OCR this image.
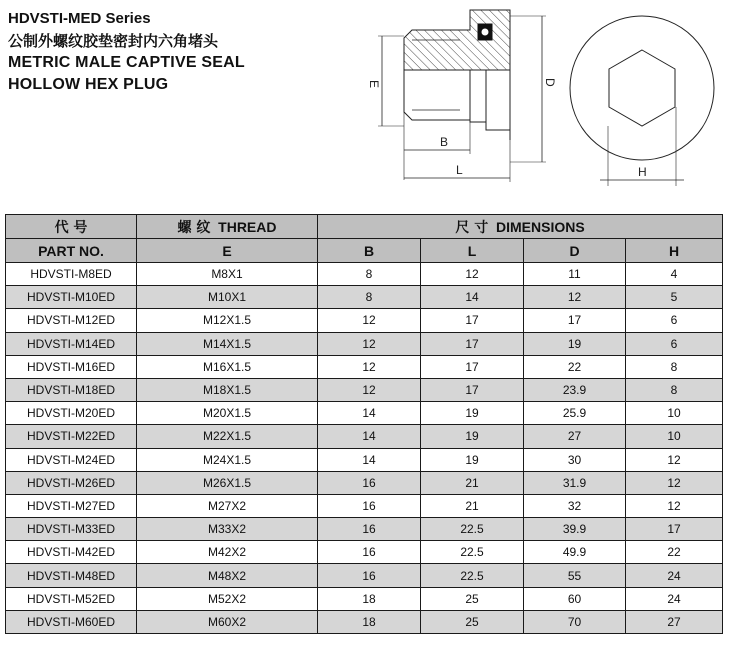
HDVSTI-MED Series
公制外螺纹胶垫密封内六角堵头
METRIC MALE CAPTIVE SEAL
HOLLOW HEX PLUG	E	D
B
L	H
代 号	螺 纹 THREAD	尺 寸 DIMENSIONS			
PART NO.	E	B	L	D	H
HDVSTI-M8ED	M8X1	8	12	11	4
HDVSTI-M10ED	M10X1	8	14	12	5
HDVSTI-M12ED	M12X1.5	12	17	17	6
HDVSTI-M14ED	M14X1.5	12	17	19	6
HDVSTI-M16ED	M16X1.5	12	17	22	8
HDVSTI-M18ED	M18X1.5	12	17	23.9	8
HDVSTI-M20ED	M20X1.5	14	19	25.9	10
HDVSTI-M22ED	M22X1.5	14	19	27	10
HDVSTI-M24ED	M24X1.5	14	19	30	12
HDVSTI-M26ED	M26X1.5	16	21	31.9	12
HDVSTI-M27ED	M27X2	16	21	32	12
HDVSTI-M33ED	M33X2	16	22.5	39.9	17
HDVSTI-M42ED	M42X2	16	22.5	49.9	22
HDVSTI-M48ED	M48X2	16	22.5	55	24
HDVSTI-M52ED	M52X2	18	25	60	24
HDVSTI-M60ED	M60X2	18	25	70	27
